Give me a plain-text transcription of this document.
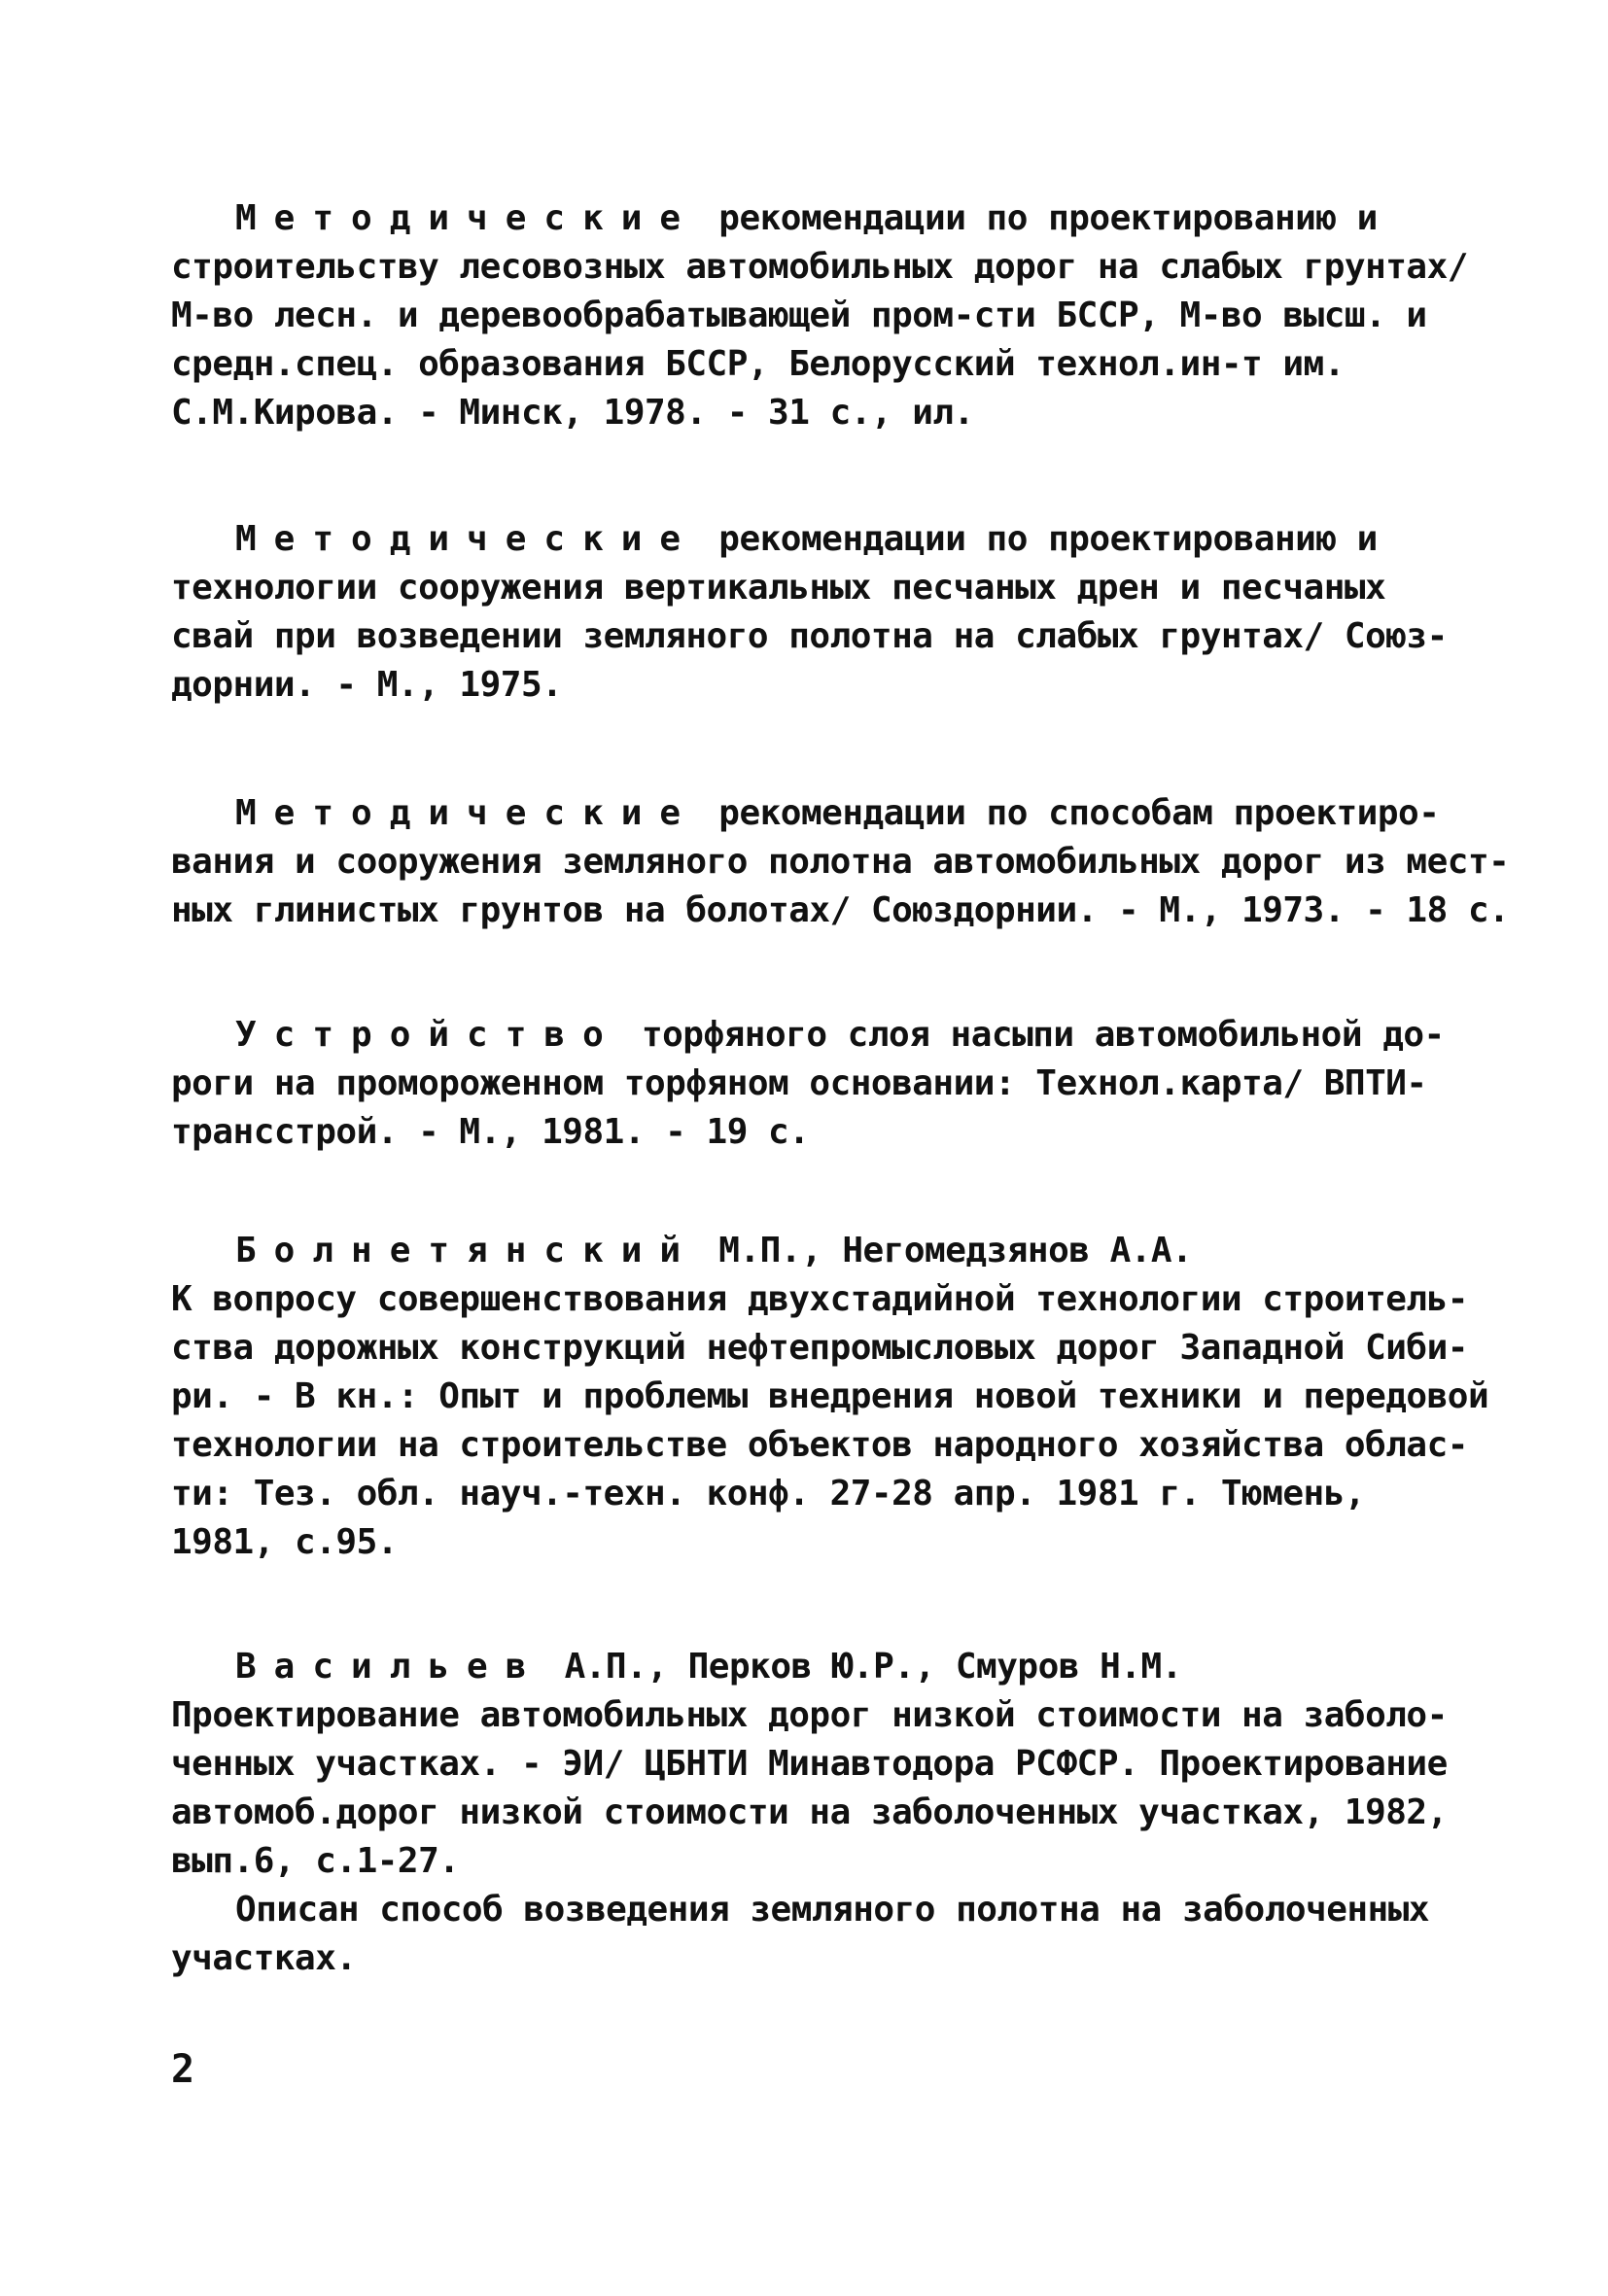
Методические рекомендации по проектированию и
строительству лесовозных автомобильных дорог на слабых грунтах/
М-во лесн. и деревообрабатывающей пром-сти БССР, М-во высш. и
средн.спец. образования БССР, Белорусский технол.ин-т им.
С.М.Кирова. - Минск, 1978. - 31 с., ил.
Методические рекомендации по проектированию и
технологии сооружения вертикальных песчаных дрен и песчаных
свай при возведении земляного полотна на слабых грунтах/ Союз-
дорнии. - М., 1975.
Методические рекомендации по способам проектиро-
вания и сооружения земляного полотна автомобильных дорог из мест-
ных глинистых грунтов на болотах/ Союздорнии. - М., 1973. - 18 с.
Устройство торфяного слоя насыпи автомобильной до-
роги на промороженном торфяном основании: Технол.карта/ ВПТИ-
трансстрой. - М., 1981. - 19 с.
Болнетянский М.П., Негомедзянов А.А.
К вопросу совершенствования двухстадийной технологии строитель-
ства дорожных конструкций нефтепромысловых дорог Западной Сиби-
ри. - В кн.: Опыт и проблемы внедрения новой техники и передовой
технологии на строительстве объектов народного хозяйства облас-
ти: Тез. обл. науч.-техн. конф. 27-28 апр. 1981 г. Тюмень,
1981, с.95.
Васильев А.П., Перков Ю.Р., Смуров Н.М.
Проектирование автомобильных дорог низкой стоимости на заболо-
ченных участках. - ЭИ/ ЦБНТИ Минавтодора РСФСР. Проектирование
автомоб.дорог низкой стоимости на заболоченных участках, 1982,
вып.6, с.1-27.
Описан способ возведения земляного полотна на заболоченных
участках.
2
